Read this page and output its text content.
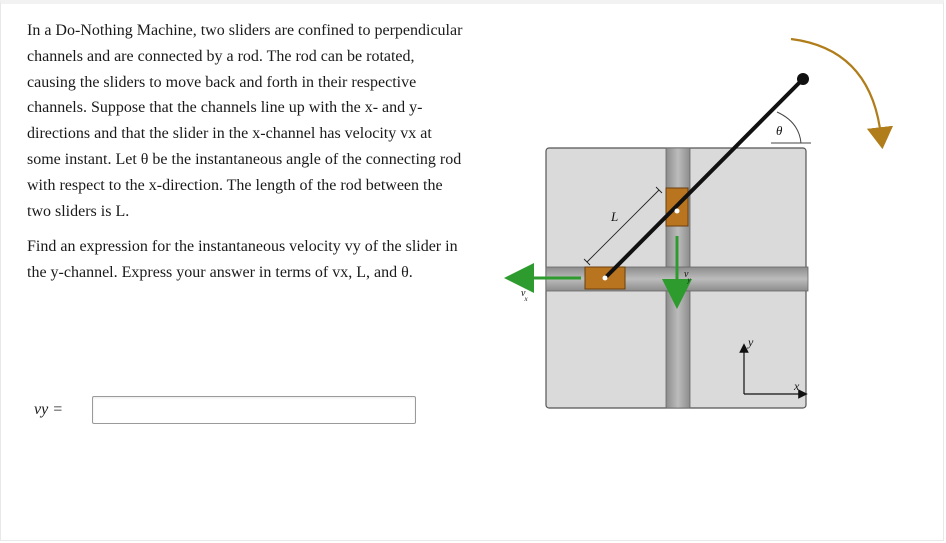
In a Do-Nothing Machine, two sliders are confined to perpendicular channels and are connected by a rod. The rod can be rotated, causing the sliders to move back and forth in their respective channels. Suppose that the channels line up with the x- and y-directions and that the slider in the x-channel has velocity vx at some instant. Let θ be the instantaneous angle of the connecting rod with respect to the x-direction. The length of the rod between the two sliders is L.

Find an expression for the instantaneous velocity vy of the slider in the y-channel. Express your answer in terms of vx, L, and θ.

vy =
θ
L
vx
vy
y
x
